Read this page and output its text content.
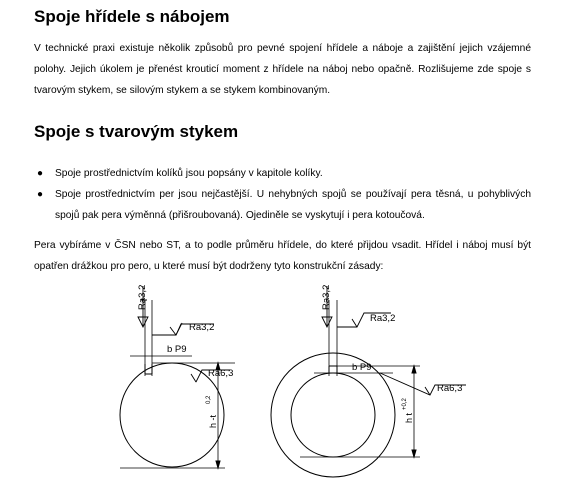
Spoje hřídele s nábojem

V technické praxi existuje několik způsobů pro pevné spojení hřídele a náboje a zajištění jejich vzájemné polohy. Jejich úkolem je přenést krouticí moment z hřídele na náboj nebo opačně. Rozlišujeme zde spoje s tvarovým stykem, se silovým stykem a se stykem kombinovaným.

Spoje s tvarovým stykem
● Spoje prostřednictvím kolíků jsou popsány v kapitole kolíky.
● Spoje prostřednictvím per jsou nejčastější. U nehybných spojů se používají pera těsná, u pohyblivých spojů pak pera výměnná (přišroubovaná). Ojediněle se vyskytují i pera kotoučová.

Pera vybíráme v ČSN nebo ST, a to podle průměru hřídele, do které přijdou vsadit. Hřídel i náboj musí být opatřen drážkou pro pero, u které musí být dodrženy tyto konstrukční zásady:

Ra3,2
Ra3,2
b P9
Ra6,3
h -t
0,2
Ra3,2
Ra3,2
b P9
Ra6,3
h t
+0,2
